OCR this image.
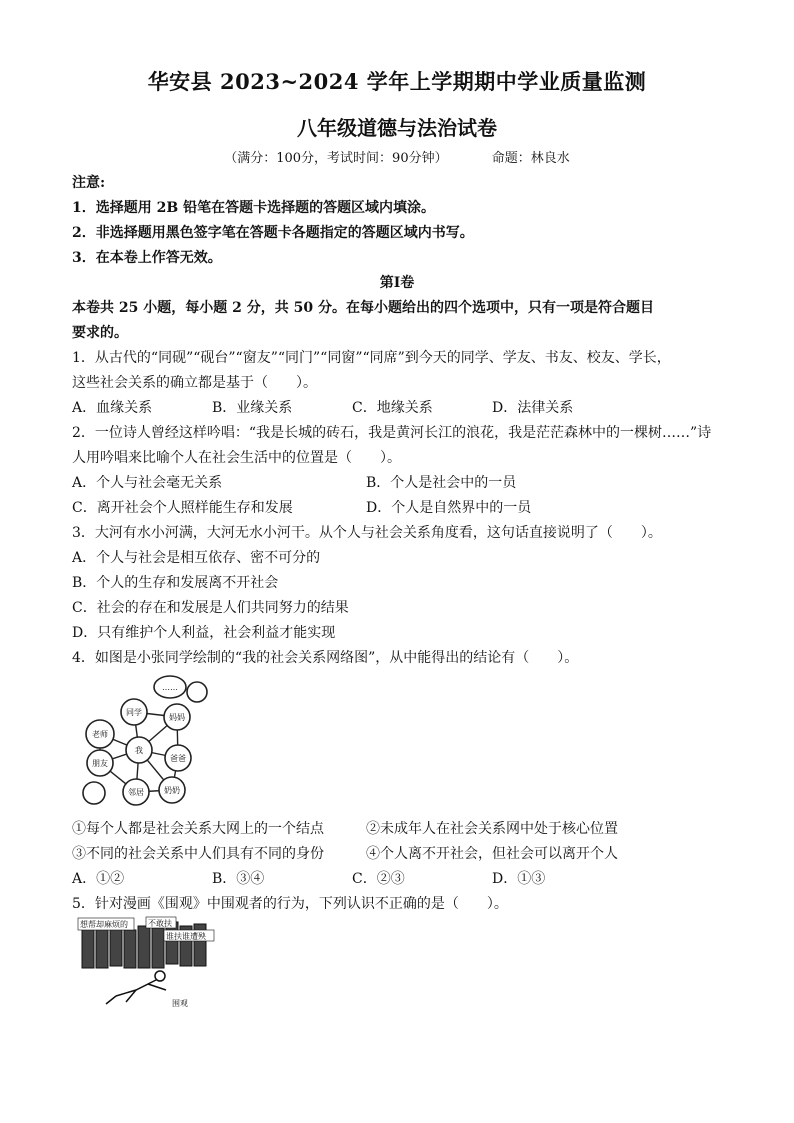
华安县 2023~2024 学年上学期期中学业质量监测
八年级道德与法治试卷
（满分：100分，考试时间：90分钟）	命题：林良水
注意:
1．选择题用 2B 铅笔在答题卡选择题的答题区域内填涂。
2．非选择题用黑色签字笔在答题卡各题指定的答题区域内书写。
3．在本卷上作答无效。
第Ⅰ卷
本卷共 25 小题，每小题 2 分，共 50 分。在每小题给出的四个选项中，只有一项是符合题目
要求的。
1．从古代的“同砚”“砚台”“窗友”“同门”“同窗”“同席”到今天的同学、学友、书友、校友、学长，
这些社会关系的确立都是基于（　　）。
A．血缘关系	B．业缘关系	C．地缘关系	D．法律关系
2．一位诗人曾经这样吟唱：“我是长城的砖石，我是黄河长江的浪花，我是茫茫森林中的一棵树……”诗
人用吟唱来比喻个人在社会生活中的位置是（　　）。
A．个人与社会毫无关系	B．个人是社会中的一员
C．离开社会个人照样能生存和发展	D．个人是自然界中的一员
3．大河有水小河满，大河无水小河干。从个人与社会关系角度看，这句话直接说明了（　　）。
A．个人与社会是相互依存、密不可分的
B．个人的生存和发展离不开社会
C．社会的存在和发展是人们共同努力的结果
D．只有维护个人利益，社会利益才能实现
4．如图是小张同学绘制的“我的社会关系网络图”，从中能得出的结论有（　　）。
同学
妈妈
老师
我
爸爸
朋友
邻居	奶奶
……
①每个人都是社会关系大网上的一个结点	②未成年人在社会关系网中处于核心位置
③不同的社会关系中人们具有不同的身份	④个人离不开社会，但社会可以离开个人
A．①②	B．③④	C．②③	D．①③
5．针对漫画《围观》中围观者的行为，下列认识不正确的是（　　）。
想帮却麻烦的	不敢扶
谁扶谁遭殃
围观
